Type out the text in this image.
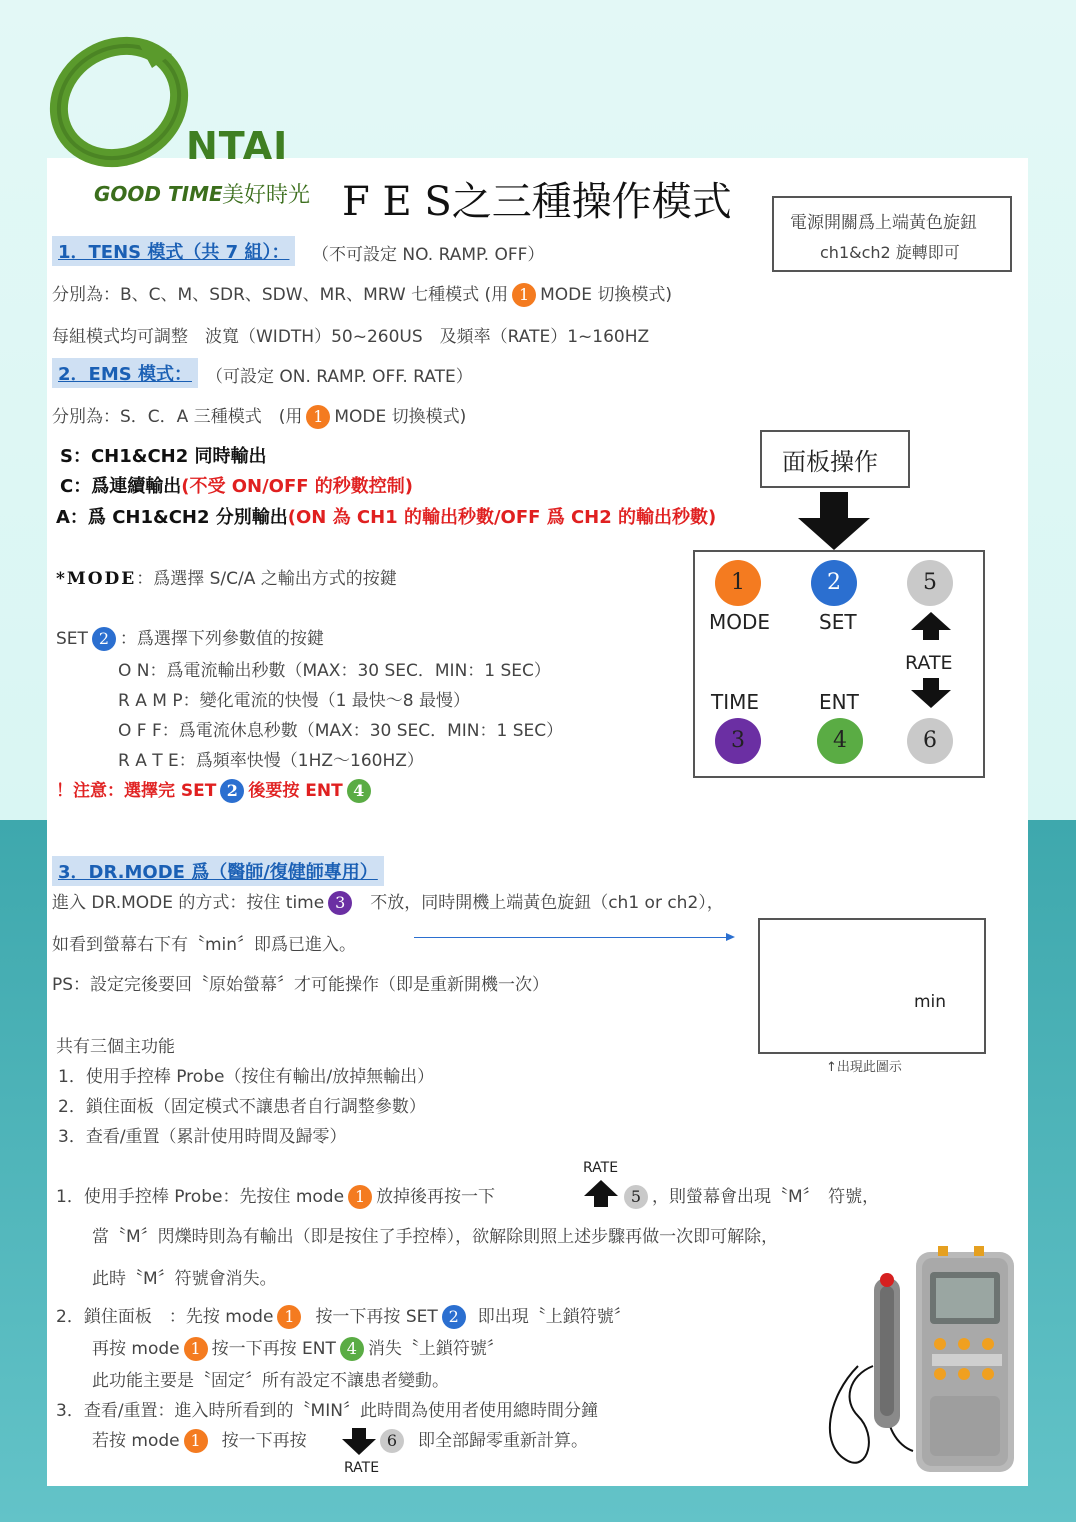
NTAI
GOOD TIME 美好時光 F E S之三種操作模式	電源開關爲上端黃色旋鈕
ch1&ch2 旋轉即可
1．TENS 模式（共 7 組）：	（不可設定 NO. RAMP. OFF）
分別為：B、C、M、SDR、SDW、MR、MRW 七種模式 (用 1 MODE 切換模式)
每組模式均可調整　波寬（WIDTH）50~260US　及頻率（RATE）1~160HZ
2．EMS 模式： （可設定 ON. RAMP. OFF. RATE）
分別為：S．C．A 三種模式　(用 1 MODE 切換模式)
S：CH1&CH2 同時輸出
C：爲連續輸出(不受 ON/OFF 的秒數控制)
A：爲 CH1&CH2 分別輸出(ON 為 CH1 的輸出秒數/OFF 爲 CH2 的輸出秒數)
*MODE：爲選擇 S/C/A 之輸出方式的按鍵
SET 2 ：爲選擇下列參數值的按鍵
O N：爲電流輸出秒數（MAX：30 SEC．MIN：1 SEC）
R A M P：變化電流的快慢（1 最快～8 最慢）
O F F：爲電流休息秒數（MAX：30 SEC．MIN：1 SEC）
R A T E：爲頻率快慢（1HZ～160HZ）
！注意：選擇完 SET 2 後要按 ENT 4
面板操作
1	2	5
MODE SET
RATE
TIME	ENT
3	4	6
3．DR.MODE 爲（醫師/復健師專用）
進入 DR.MODE 的方式：按住 time 3 不放，同時開機上端黃色旋鈕（ch1 or ch2），
如看到螢幕右下有〝min〞即爲已進入。
PS：設定完後要回〝原始螢幕〞才可能操作（即是重新開機一次）
min
↑出現此圖示
共有三個主功能
1．使用手控棒 Probe（按住有輸出/放掉無輸出）
2．鎖住面板（固定模式不讓患者自行調整參數）
3．查看/重置（累計使用時間及歸零）
RATE
1．使用手控棒 Probe：先按住 mode 1 放掉後再按一下	5 ，則螢幕會出現〝M〞　符號，
當〝M〞閃爍時則為有輸出（即是按住了手控棒），欲解除則照上述步驟再做一次即可解除，
此時〝M〞符號會消失。
2．鎖住面板　：先按 mode 1 按一下再按 SET 2 即出現〝上鎖符號〞
再按 mode 1 按一下再按 ENT 4 消失〝上鎖符號〞
此功能主要是〝固定〞所有設定不讓患者變動。
3．查看/重置：進入時所看到的〝MIN〞此時間為使用者使用總時間分鐘
若按 mode 1 按一下再按	6 即全部歸零重新計算。
RATE
